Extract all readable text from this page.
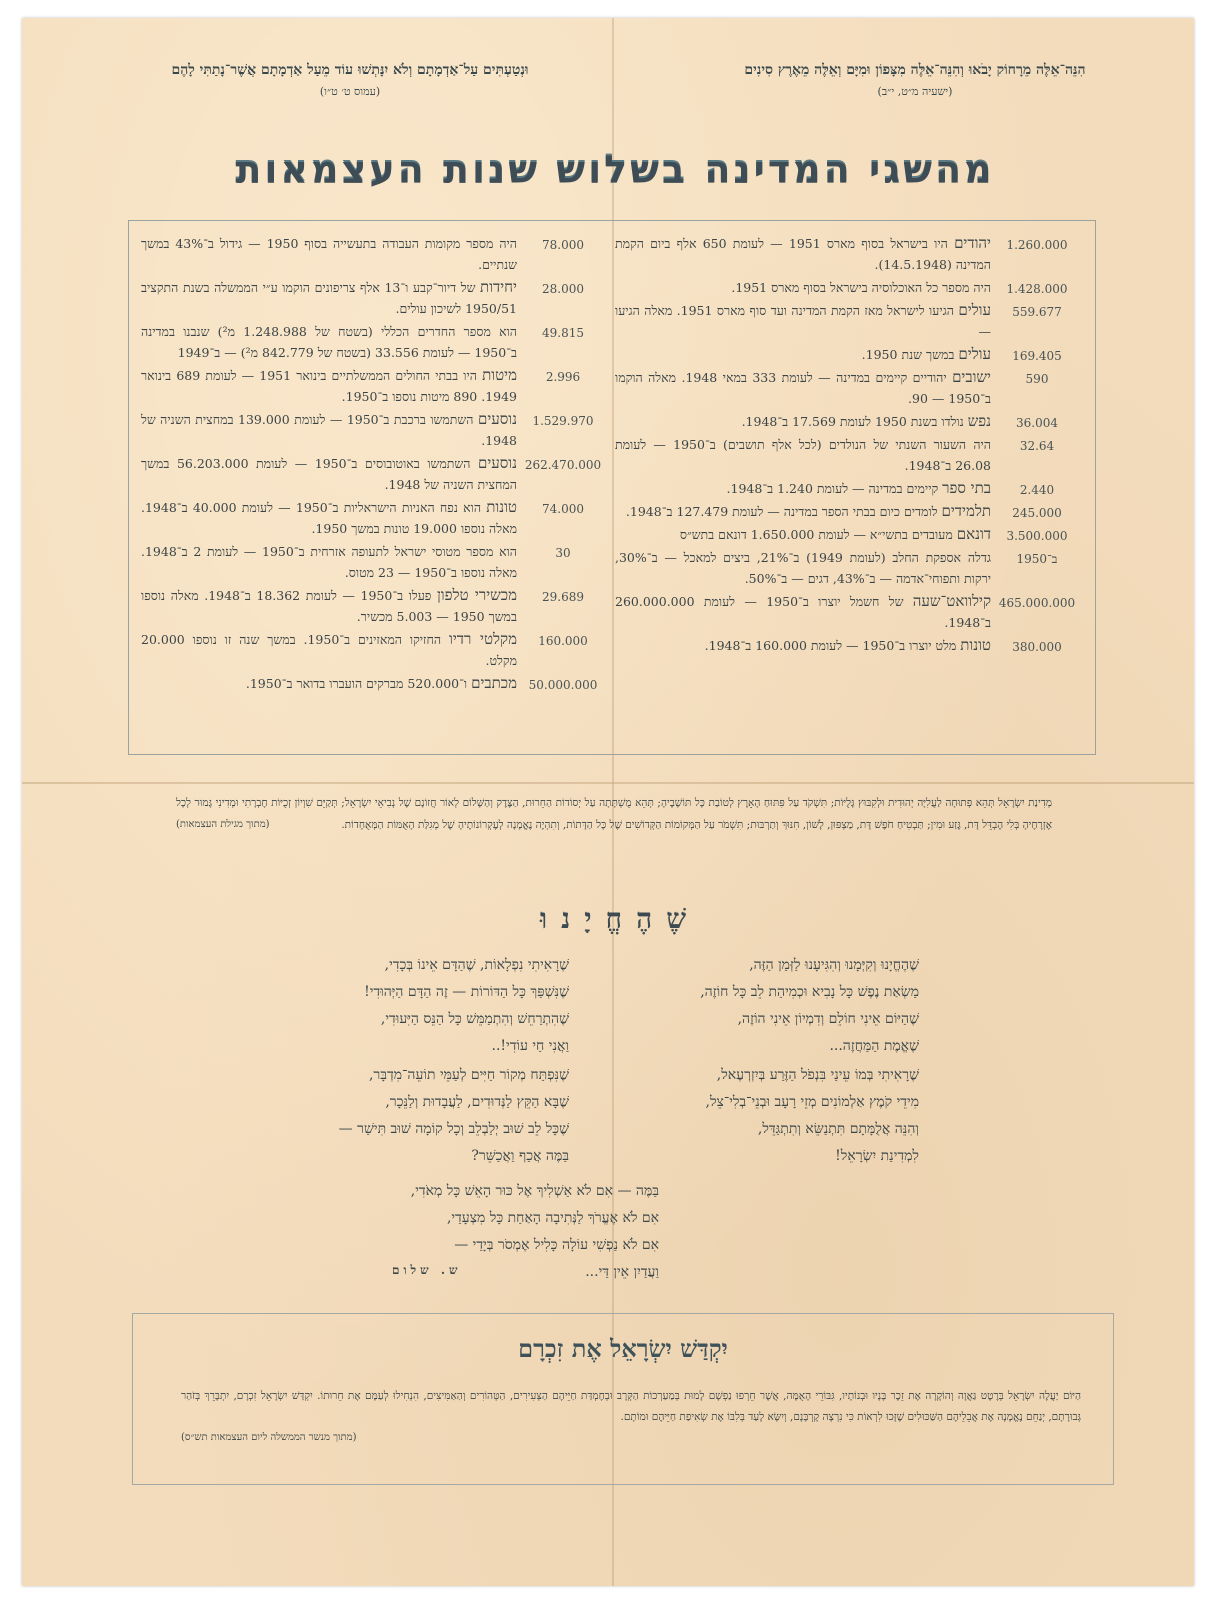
הִנֵּה־אֵלֶּה מֵרָחוֹק יָבֹאוּ וְהִנֵּה־אֵלֶּה מִצָּפוֹן וּמִיָּם וְאֵלֶּה מֵאֶרֶץ סִינִים
(ישעיה מ״ט, י״ב)
וּנְטַעְתִּים עַל־אַדְמָתָם וְלֹא יִנָּתְשׁוּ עוֹד מֵעַל אַדְמָתָם אֲשֶׁר־נָתַתִּי לָהֶם
(עמוס ט׳ ט״ו)
מהשגי המדינה בשלוש שנות העצמאות
1.260.000
יהודים היו בישראל בסוף מארס 1951 — לעומת 650 אלף ביום הקמת המדינה (14.5.1948).
1.428.000
היה מספר כל האוכלוסיה בישראל בסוף מארס 1951.
559.677
עולים הגיעו לישראל מאז הקמת המדינה ועד סוף מארס 1951. מאלה הגיעו —
169.405
עולים במשך שנת 1950.
590
ישובים יהודיים קיימים במדינה — לעומת 333 במאי 1948. מאלה הוקמו ב־1950 — 90.
36.004
נפש נולדו בשנת 1950 לעומת 17.569 ב־1948.
32.64
היה השעור השנתי של הנולדים (לכל אלף תושבים) ב־1950 — לעומת 26.08 ב־1948.
2.440
בתי ספר קיימים במדינה — לעומת 1.240 ב־1948.
245.000
תלמידים לומדים כיום בבתי הספר במדינה — לעומת 127.479 ב־1948.
3.500.000
דונאם מעובדים בתשי״א — לעומת 1.650.000 דונאם בתש״ס
ב־1950
גדלה אספקת החלב (לעומת 1949) ב־21%, ביצים למאכל — ב־30%, ירקות ותפוחי־אדמה — ב־43%, דגים — ב־50%.
465.000.000
קילוואט־שעה של חשמל יוצרו ב־1950 — לעומת 260.000.000 ב־1948.
380.000
טונות מלט יוצרו ב־1950 — לעומת 160.000 ב־1948.
78.000
היה מספר מקומות העבודה בתעשייה בסוף 1950 — גידול ב־43% במשך שנתיים.
28.000
יחידות של דיור־קבע ו־13 אלף צריפונים הוקמו ע״י הממשלה בשנת התקציב 1950/51 לשיכון עולים.
49.815
הוא מספר החדרים הכללי (בשטח של 1.248.988 מ²) שנבנו במדינה ב־1950 — לעומת 33.556 (בשטח של 842.779 מ²) — ב־1949
2.996
מיטות היו בבתי החולים הממשלתיים בינואר 1951 — לעומת 689 בינואר 1949. 890 מיטות נוספו ב־1950.
1.529.970
נוסעים השתמשו ברכבת ב־1950 — לעומת 139.000 במחצית השניה של 1948.
262.470.000
נוסעים השתמשו באוטובוסים ב־1950 — לעומת 56.203.000 במשך המחצית השניה של 1948.
74.000
טונות הוא נפח האניות הישראליות ב־1950 — לעומת 40.000 ב־1948. מאלה נוספו 19.000 טונות במשך 1950.
30
הוא מספר מטוסי ישראל לתעופה אזרחית ב־1950 — לעומת 2 ב־1948. מאלה נוספו ב־1950 — 23 מטוס.
29.689
מכשירי טלפון פעלו ב־1950 — לעומת 18.362 ב־1948. מאלה נוספו במשך 1950 — 5.003 מכשיר.
160.000
מקלטי רדיו החזיקו המאזינים ב־1950. במשך שנה זו נוספו 20.000 מקלט.
50.000.000
מכתבים ו־520.000 מברקים הועברו בדואר ב־1950.
מְדִינַת יִשְׂרָאֵל תְּהֵא פְּתוּחָה לַעֲלִיָּה יְהוּדִית וּלְקִבּוּץ גָּלֻיּוֹת; תִּשְׁקֹד עַל פִּתּוּחַ הָאָרֶץ לְטוֹבַת כָּל תּוֹשָׁבֶיהָ; תְּהֵא מֻשְׁתָּתָה עַל יְסוֹדוֹת הַחֵרוּת, הַצֶּדֶק וְהַשָּׁלוֹם לְאוֹר חֲזוֹנָם שֶׁל נְבִיאֵי יִשְׂרָאֵל; תְּקַיֵּם שִׁוְיוֹן זְכֻיּוֹת חֶבְרָתִי וּמְדִינִי גָּמוּר לְכָל אֶזְרָחֶיהָ בְּלִי הֶבְדֵּל דָּת, גֶּזַע וּמִין; תַּבְטִיחַ חֹפֶשׁ דָּת, מַצְפּוּן, לָשׁוֹן, חִנּוּךְ וְתַרְבּוּת; תִּשְׁמֹר עַל הַמְּקוֹמוֹת הַקְּדוֹשִׁים שֶׁל כָּל הַדָּתוֹת, וְתִהְיֶה נֶאֱמָנָה לְעֶקְרוֹנוֹתֶיהָ שֶׁל מְגִלַּת הָאֻמּוֹת הַמְּאֻחָדוֹת.
(מתוך מגילת העצמאות)
שֶׁהֶחֱיָנוּ
שֶׁהֶחֱיָנוּ וְקִיְּמָנוּ וְהִגִּיעָנוּ לַזְּמַן הַזֶּה,
מַשְׂאַת נֶפֶשׁ כָּל נָבִיא וּכְמִיהַת לֵב כָּל חוֹזֶה,
שֶׁהַיּוֹם אֵינִי חוֹלֵם וְדִמְיוֹן אֵינִי הוֹזֶה,
שֶׁאֱמֶת הַמַּחֲזֶה...
שֶׁרָאִיתִי בְּמוֹ עֵינַי בִּנְפֹל הַזֶּרַע בְּיִזְרְעֶאל,
מִידֵי קֹמֶץ אַלְמוֹנִים מְזֵי רָעָב וּבְנֵי־בְלִי־צֵל,
וְהִנֵּה אֲלֻמָּתָם תִּתְנַשֵּׂא וְתִתְגַּדֵּל,
לִמְדִינַת יִשְׂרָאֵל!
שֶׁרָאִיתִי נִפְלָאוֹת, שֶׁהַדָּם אֵינוֹ בְּכָדִי,
שֶׁנִּשְׁפַּךְ כָּל הַדּוֹרוֹת — זֶה הַדָּם הַיְּהוּדִי!
שֶׁהִתְרַחֵשׁ וְהִתְמַמֵּשׁ כָּל הַנֵּס הַיִּעוּדִי,
וַאֲנִי חַי עוֹדִי!..
שֶׁנִּפְתַּח מְקוֹר חַיִּים לְעַמֵּי תוֹעֵה־מִדְבָּר,
שֶׁבָּא הַקֵּץ לַנְּדוּדִים, לַעֲבָדוּת וְלַנֵּכָר,
שֶׁכָּל לֵב שׁוּב יְלַבְלֵב וְכָל קוֹמָה שׁוּב תִּישַׁר —
בַּמֶּה אֲכַף וַאֲכַשֵּׁר?
בַּמֶּה — אִם לֹא אַשְׁלִיךְ אֶל כּוּר הָאֵשׁ כָּל מְאֹדִי,
אִם לֹא אֶעֱרֹךְ לַנְּתִיבָה הָאַחַת כָּל מִצְעָדַי,
אִם לֹא נַפְשִׁי עוֹלָה כָּלִיל אֶמְסֹר בְּיָדַי —
וַעֲדַיִן אֵין דַּי...
ש. שלום
יִקְדַּשׁ יִשְׂרָאֵל אֶת זִכְרָם
הַיּוֹם יַעֲלֶה יִשְׂרָאֵל בְּרֶטֶט גַּאֲוָה וְהוֹקָרָה אֶת זֵכֶר בָּנָיו וּבְנוֹתָיו, גִּבּוֹרֵי הָאֻמָּה, אֲשֶׁר חֵרְפוּ נַפְשָׁם לָמוּת בְּמַעַרְכוֹת הַקְּרָב וּבְחֶמְדַּת חַיֵּיהֶם הַצְּעִירִים, הַטְּהוֹרִים וְהַאַמִּיצִים, הִנְחִילוּ לְעַמָּם אֶת חֵרוּתוֹ. יִקְדַּשׁ יִשְׂרָאֵל זִכְרָם, יִתְבָּרֵךְ בְּזֹהַר גְּבוּרָתָם, יְנַחֵם נֶאֱמָנָה אֶת אֲבֵלֵיהֶם הַשַּׁכּוּלִים שֶׁזָּכוּ לִרְאוֹת כִּי נִרְצָה קָרְבָּנָם, וְיִשָּׂא לָעַד בְּלִבּוֹ אֶת שְׂאִיפַת חַיֵּיהֶם וּמוֹתָם.
(מתוך מנשר הממשלה ליום העצמאות תש״ס)
